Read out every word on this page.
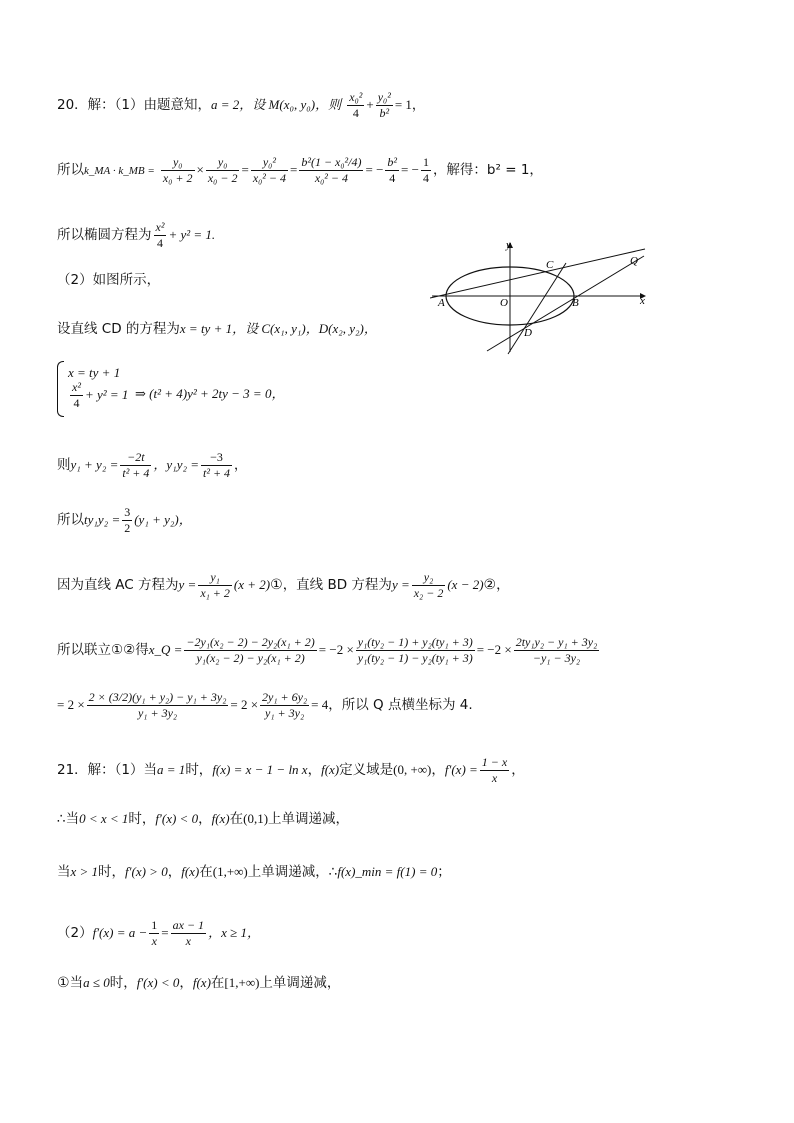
20．解：（1）由题意知，a = 2，设 M(x₀, y₀)，则 $\frac{\text{x₀²}}{4} + \frac{\text{y₀²}}{\text{b²}} = 1$，
所以k_MA · k_MB = $\frac{\text{y₀}}{\text{x₀ + 2}} \times \frac{\text{y₀}}{\text{x₀ − 2}} = \frac{\text{y₀²}}{\text{x₀² − 4}} = \frac{\text{b²(1 − x₀²/4)}}{\text{x₀² − 4}}$ = − $\frac{\text{b²}}{4}$ = − $\frac{1}{4}$ ，解得：b² = 1，
所以椭圆方程为 $\frac{\text{x²}}{4} + y^2 = 1$.
（2）如图所示，
设直线 CD 的方程为x = ty + 1，设 C(x₁, y₁)，D(x₂, y₂)，
x = ty + 1
$\frac{\text{x²}}{4} + y^2 = 1$ ⇒ (t² + 4)y² + 2ty − 3 = 0，
则$y_1 + y_2 = \frac{-2t}{\text{t² + 4}}$ ，$y_1y_2 = \frac{-3}{\text{t² + 4}}$ ，
所以$ty_1y_2 = \frac{3}{2} (y_1 + y_2)$，
因为直线 AC 方程为$y = \frac{\text{y₁}}{\text{x₁ + 2}} (x$ + 2)①，直线 BD 方程为$y = \frac{\text{y₂}}{\text{x₂ − 2}} (x$ − 2)②，
所以联立①②得x_Q = $\frac{\text{−2y₁(x₂ − 2) − 2y₂(x₁ + 2)}}{\text{y₁(x₂ − 2) − y₂(x₁ + 2)}} = -2 \times \frac{\text{y₁(ty₂ − 1) + y₂(ty₁ + 3)}}{\text{y₁(ty₂ − 1) − y₂(ty₁ + 3)}} = -2 \times \frac{\text{2ty₁y₂ − y₁ + 3y₂}}{\text{−y₁ − 3y₂}}$
= $2 \times \frac{\text{2 × (3/2)(y₁ + y₂) − y₁ + 3y₂}}{\text{y₁ + 3y₂}} = 2 \times \frac{\text{2y₁ + 6y₂}}{\text{y₁ + 3y₂}} = 4$，所以 Q 点横坐标为 4.
21．解：（1）当a = 1时，f(x) = x − 1 − ln x，f(x)定义域是(0, +∞)，$f'(x) = \frac{1 - x}{x}$ ，
∴当0 < x < 1时，f′(x) < 0，f(x)在(0,1)上单调递减，
当x > 1时，f′(x) > 0，f(x)在(1,+∞)上单调递减，∴f(x)_min = f(1) = 0；
$(2)f'(x) = a - \frac{1}{x} = \frac{ax - 1}{x}$ ，x ≥ 1，
①当a ≤ 0时，f′(x) < 0，f(x)在[1,+∞)上单调递减，
y
x
O
A	B
C
D
Q
